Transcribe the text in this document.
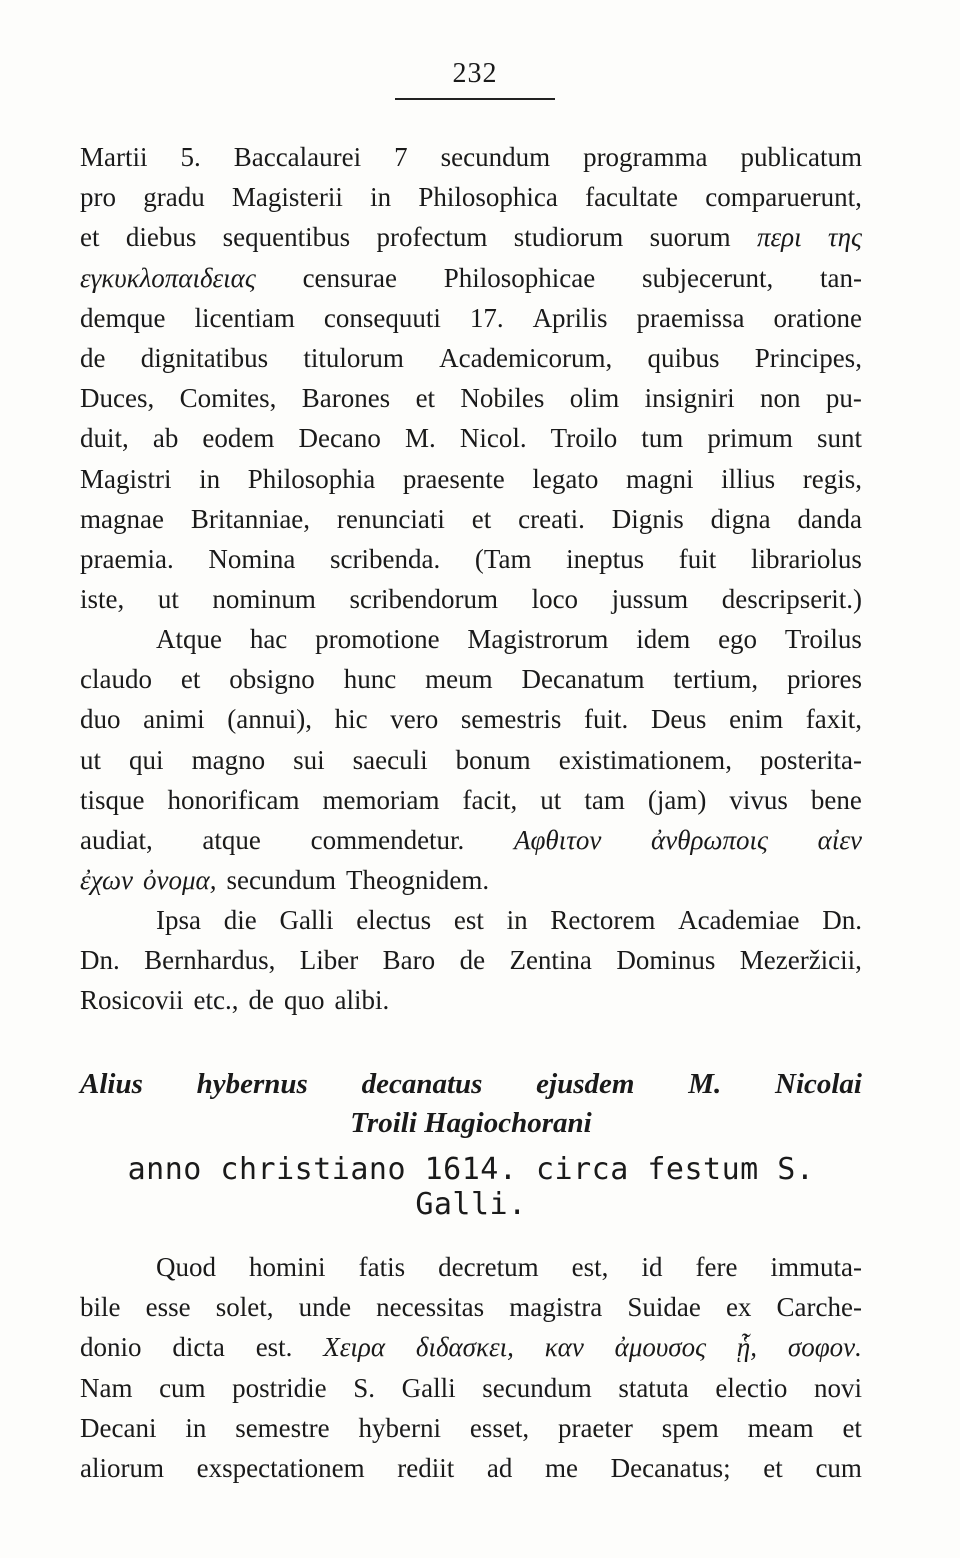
232
Martii 5. Baccalaurei 7 secundum programma publicatum
pro gradu Magisterii in Philosophica facultate comparuerunt,
et diebus sequentibus profectum studiorum suorum περι της
εγκυκλοπαιδειας censurae Philosophicae subjecerunt, tan-
demque licentiam consequuti 17. Aprilis praemissa oratione
de dignitatibus titulorum Academicorum, quibus Principes,
Duces, Comites, Barones et Nobiles olim insigniri non pu-
duit, ab eodem Decano M. Nicol. Troilo tum primum sunt
Magistri in Philosophia praesente legato magni illius regis,
magnae Britanniae, renunciati et creati. Dignis digna danda
praemia. Nomina scribenda. (Tam ineptus fuit librariolus
iste, ut nominum scribendorum loco jussum descripserit.)
Atque hac promotione Magistrorum idem ego Troilus
claudo et obsigno hunc meum Decanatum tertium, priores
duo animi (annui), hic vero semestris fuit. Deus enim faxit,
ut qui magno sui saeculi bonum existimationem, posterita-
tisque honorificam memoriam facit, ut tam (jam) vivus bene
audiat, atque commendetur. Αφθιτον ἀνθρωποις αἰεν
ἐχων ὀνομα, secundum Theognidem.
Ipsa die Galli electus est in Rectorem Academiae Dn.
Dn. Bernhardus, Liber Baro de Zentina Dominus Mezeržicii,
Rosicovii etc., de quo alibi.
Alius hybernus decanatus ejusdem M. Nicolai
Troili Hagiochorani
anno christiano 1614. circa festum S. Galli.
Quod homini fatis decretum est, id fere immuta-
bile esse solet, unde necessitas magistra Suidae ex Carche-
donio dicta est. Χειρα διδασκει, καν ἀμουσος ᾗ, σοφον.
Nam cum postridie S. Galli secundum statuta electio novi
Decani in semestre hyberni esset, praeter spem meam et
aliorum exspectationem rediit ad me Decanatus; et cum
